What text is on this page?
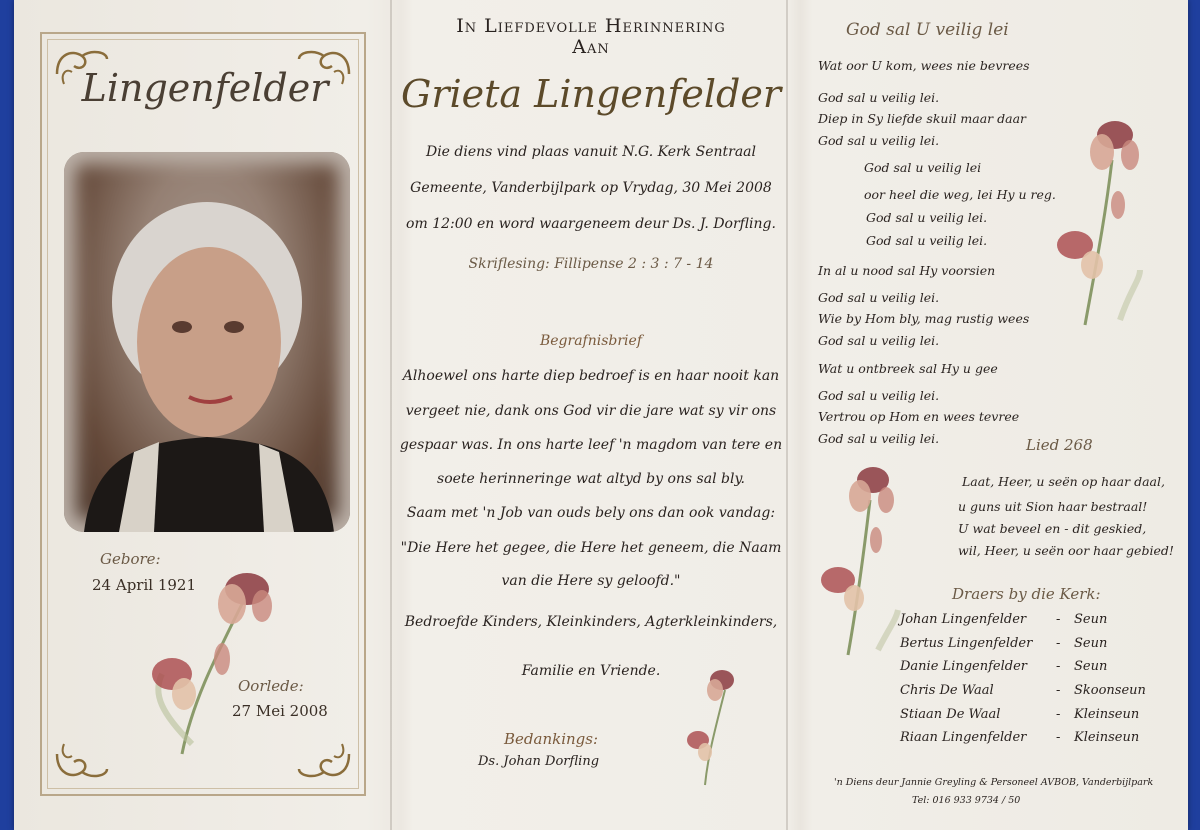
Lingenfelder
Gebore:
24 April 1921
Oorlede:
27 Mei 2008
In Liefdevolle Herinnering
Aan
Grieta Lingenfelder
Die diens vind plaas vanuit N.G. Kerk Sentraal
Gemeente, Vanderbijlpark op Vrydag, 30 Mei 2008
om 12:00 en word waargeneem deur Ds. J. Dorfling.
Skriflesing: Fillipense 2 : 3 : 7 - 14
Begrafnisbrief
Alhoewel ons harte diep bedroef is en haar nooit kan
vergeet nie, dank ons God vir die jare wat sy vir ons
gespaar was. In ons harte leef 'n magdom van tere en
soete herinneringe wat altyd by ons sal bly.
Saam met 'n Job van ouds bely ons dan ook vandag:
"Die Here het gegee, die Here het geneem, die Naam
van die Here sy geloofd."
Bedroefde Kinders, Kleinkinders, Agterkleinkinders,
Familie en Vriende.
Bedankings:
Ds. Johan Dorfling
God sal U veilig lei
Wat oor U kom, wees nie bevrees
God sal u veilig lei.
Diep in Sy liefde skuil maar daar
God sal u veilig lei.
God sal u veilig lei
oor heel die weg, lei Hy u reg.
God sal u veilig lei.
God sal u veilig lei.
In al u nood sal Hy voorsien
God sal u veilig lei.
Wie by Hom bly, mag rustig wees
God sal u veilig lei.
Wat u ontbreek sal Hy u gee
God sal u veilig lei.
Vertrou op Hom en wees tevree
God sal u veilig lei.	Lied 268
Laat, Heer, u seën op haar daal,
u guns uit Sion haar bestraal!
U wat beveel en - dit geskied,
wil, Heer, u seën oor haar gebied!
Draers by die Kerk:
Johan Lingenfelder - Seun
Bertus Lingenfelder - Seun
Danie Lingenfelder - Seun
Chris De Waal	- Skoonseun
Stiaan De Waal	- Kleinseun
Riaan Lingenfelder - Kleinseun
'n Diens deur Jannie Greyling & Personeel AVBOB, Vanderbijlpark
Tel: 016 933 9734 / 50
